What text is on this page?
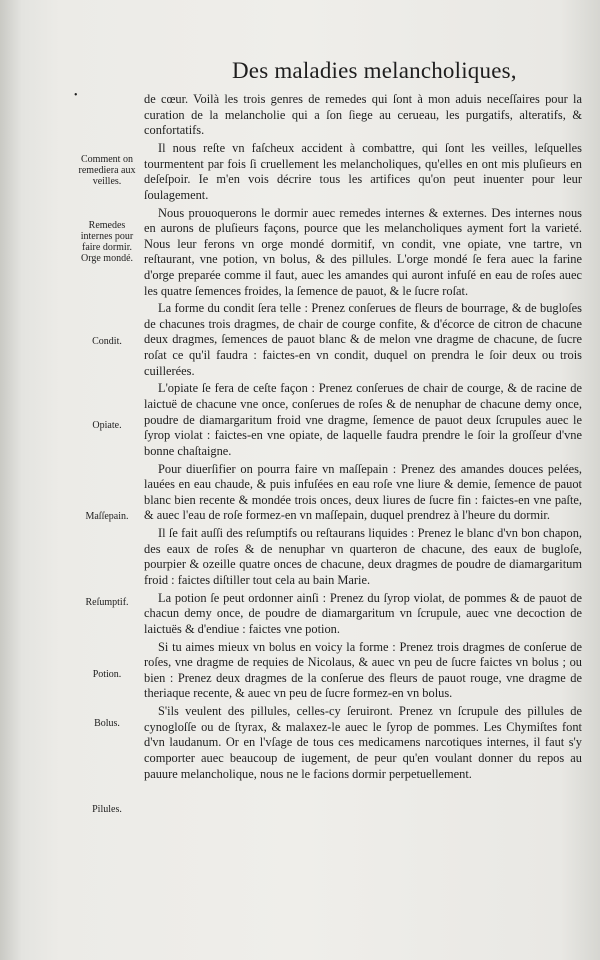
Des maladies melancholiques,
•
Comment on remediera aux veilles.
Remedes internes pour faire dormir. Orge mondé.
Condit.
Opiate.
Maſſepain.
Reſumptif.
Potion.
Bolus.
Pilules.

de cœur. Voilà les trois genres de remedes qui ſont à mon aduis neceſſaires pour la curation de la melancholie qui a ſon ſiege au cerueau, les purgatifs, alteratifs, & confortatifs.

Il nous reſte vn faſcheux accident à combattre, qui ſont les veilles, leſquelles tourmentent par fois ſi cruellement les melancholiques, qu'elles en ont mis pluſieurs en deſeſpoir. Ie m'en vois décrire tous les artifices qu'on peut inuenter pour leur ſoulagement.

Nous prouoquerons le dormir auec remedes internes & externes. Des internes nous en aurons de pluſieurs façons, pource que les melancholiques ayment fort la varieté. Nous leur ferons vn orge mondé dormitif, vn condit, vne opiate, vne tartre, vn reſtaurant, vne potion, vn bolus, & des pillules. L'orge mondé ſe fera auec la farine d'orge preparée comme il faut, auec les amandes qui auront infuſé en eau de roſes auec les quatre ſemences froides, la ſemence de pauot, & le ſucre roſat.

La forme du condit ſera telle : Prenez conſerues de fleurs de bourrage, & de bugloſes de chacunes trois dragmes, de chair de courge confite, & d'écorce de citron de chacune deux dragmes, ſemences de pauot blanc & de melon vne dragme de chacune, de ſucre roſat ce qu'il faudra : faictes-en vn condit, duquel on prendra le ſoir deux ou trois cuillerées.

L'opiate ſe fera de ceſte façon : Prenez conſerues de chair de courge, & de racine de laictuë de chacune vne once, conſerues de roſes & de nenuphar de chacune demy once, poudre de diamargaritum froid vne dragme, ſemence de pauot deux ſcrupules auec le ſyrop violat : faictes-en vne opiate, de laquelle faudra prendre le ſoir la groſſeur d'vne bonne chaſtaigne.

Pour diuerſifier on pourra faire vn maſſepain : Prenez des amandes douces pelées, lauées en eau chaude, & puis infuſées en eau roſe vne liure & demie, ſemence de pauot blanc bien recente & mondée trois onces, deux liures de ſucre fin : faictes-en vne paſte, & auec l'eau de roſe formez-en vn maſſepain, duquel prendrez à l'heure du dormir.

Il ſe fait auſſi des reſumptifs ou reſtaurans liquides : Prenez le blanc d'vn bon chapon, des eaux de roſes & de nenuphar vn quarteron de chacune, des eaux de bugloſe, pourpier & ozeille quatre onces de chacune, deux dragmes de poudre de diamargaritum froid : faictes diſtiller tout cela au bain Marie.

La potion ſe peut ordonner ainſi : Prenez du ſyrop violat, de pommes & de pauot de chacun demy once, de poudre de diamargaritum vn ſcrupule, auec vne decoction de laictuës & d'endiue : faictes vne potion.

Si tu aimes mieux vn bolus en voicy la forme : Prenez trois dragmes de conſerue de roſes, vne dragme de requies de Nicolaus, & auec vn peu de ſucre faictes vn bolus ; ou bien : Prenez deux dragmes de la conſerue des fleurs de pauot rouge, vne dragme de theriaque recente, & auec vn peu de ſucre formez-en vn bolus.

S'ils veulent des pillules, celles-cy ſeruiront. Prenez vn ſcrupule des pillules de cynogloſſe ou de ſtyrax, & malaxez-le auec le ſyrop de pommes. Les Chymiſtes font d'vn laudanum. Or en l'vſage de tous ces medicamens narcotiques internes, il faut s'y comporter auec beaucoup de iugement, de peur qu'en voulant donner du repos au pauure melancholique, nous ne le facions dormir perpetuellement.
